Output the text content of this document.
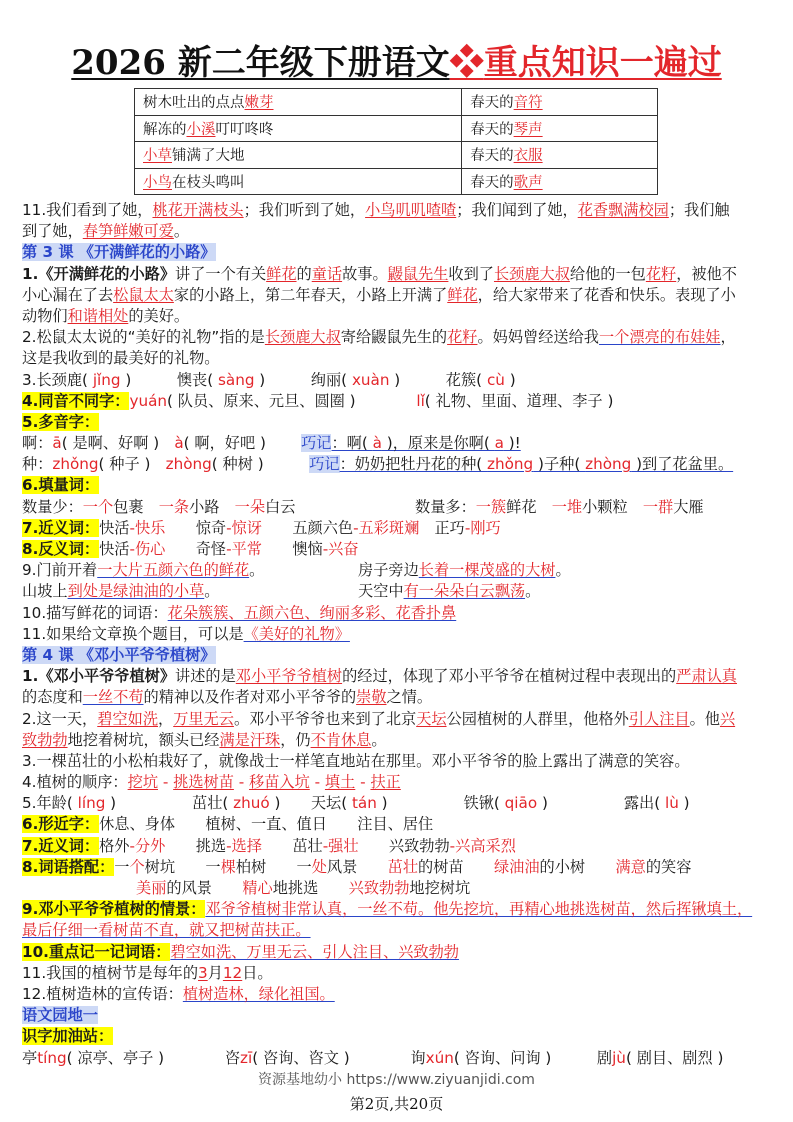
2026 新二年级下册语文❖重点知识一遍过
树木吐出的点点嫩芽	春天的音符
解冻的小溪叮叮咚咚	春天的琴声
小草铺满了大地	春天的衣服
小鸟在枝头鸣叫	春天的歌声
11.我们看到了她，桃花开满枝头；我们听到了她，小鸟叽叽喳喳；我们闻到了她，花香飘满校园；我们触
到了她，春笋鲜嫩可爱。
第 3 课 《开满鲜花的小路》
1.《开满鲜花的小路》讲了一个有关鲜花的童话故事。鼹鼠先生收到了长颈鹿大叔给他的一包花籽，被他不
小心漏在了去松鼠太太家的小路上，第二年春天，小路上开满了鲜花，给大家带来了花香和快乐。表现了小
动物们和谐相处的美好。
2.松鼠太太说的“美好的礼物”指的是长颈鹿大叔寄给鼹鼠先生的花籽。妈妈曾经送给我一个漂亮的布娃娃，
这是我收到的最美好的礼物。
3.长颈鹿( jǐng )　　　懊丧( sàng )　　　绚丽( xuàn )　　　花簇( cù )
4.同音不同字：yuán( 队员、原来、元旦、圆圈 )　　　　lǐ( 礼物、里面、道理、李子 )
5.多音字：
啊：ā( 是啊、好啊 )　à( 啊，好吧 )　　 巧记：啊( à )，原来是你啊( a )!
种：zhǒng( 种子 )　zhòng( 种树 )　　　巧记：奶奶把牡丹花的种( zhǒng )子种( zhòng )到了花盆里。
6.填量词：
数量少：一个包裹　一条小路　一朵白云	数量多：一簇鲜花　一堆小颗粒　一群大雁
7.近义词：快活-快乐　　惊奇-惊讶　　五颜六色-五彩斑斓　正巧-刚巧
8.反义词：快活-伤心　　奇怪-平常　　懊恼-兴奋
9.门前开着一大片五颜六色的鲜花。	房子旁边长着一棵茂盛的大树。
山坡上到处是绿油油的小草。	天空中有一朵朵白云飘荡。
10.描写鲜花的词语：花朵簇簇、五颜六色、绚丽多彩、花香扑鼻
11.如果给文章换个题目，可以是《美好的礼物》
第 4 课 《邓小平爷爷植树》
1.《邓小平爷爷植树》讲述的是邓小平爷爷植树的经过，体现了邓小平爷爷在植树过程中表现出的严肃认真
的态度和一丝不苟的精神以及作者对邓小平爷爷的崇敬之情。
2.这一天，碧空如洗，万里无云。邓小平爷爷也来到了北京天坛公园植树的人群里，他格外引人注目。他兴
致勃勃地挖着树坑，额头已经满是汗珠，仍不肯休息。
3.一棵茁壮的小松柏栽好了，就像战士一样笔直地站在那里。邓小平爷爷的脸上露出了满意的笑容。
4.植树的顺序：挖坑 - 挑选树苗 - 移苗入坑 - 填土 - 扶正
5.年龄( líng )　　　　　茁壮( zhuó )　　天坛( tán )　　　　　铁锹( qiāo )　　　　　露出( lù )
6.形近字：休息、身体　　植树、一直、值日　　注目、居住
7.近义词：格外-分外　　挑选-选择　　茁壮-强壮　　兴致勃勃-兴高采烈
8.词语搭配：一个树坑　　一棵柏树　　一处风景　　茁壮的树苗　　绿油油的小树　　满意的笑容
美丽的风景　　精心地挑选　　兴致勃勃地挖树坑
9.邓小平爷爷植树的情景：邓爷爷植树非常认真，一丝不苟。他先挖坑，再精心地挑选树苗，然后挥锹填土，
最后仔细一看树苗不直，就又把树苗扶正。
10.重点记一记词语：碧空如洗、万里无云、引人注目、兴致勃勃
11.我国的植树节是每年的3月12日。
12.植树造林的宣传语：植树造林，绿化祖国。
语文园地一
识字加油站：
亭tíng( 凉亭、亭子 )　　　　咨zī( 咨询、咨文 )　　　　询xún( 咨询、问询 )　　　剧jù( 剧目、剧烈 )
资源基地幼小 https://www.ziyuanjidi.com
第2页,共20页
